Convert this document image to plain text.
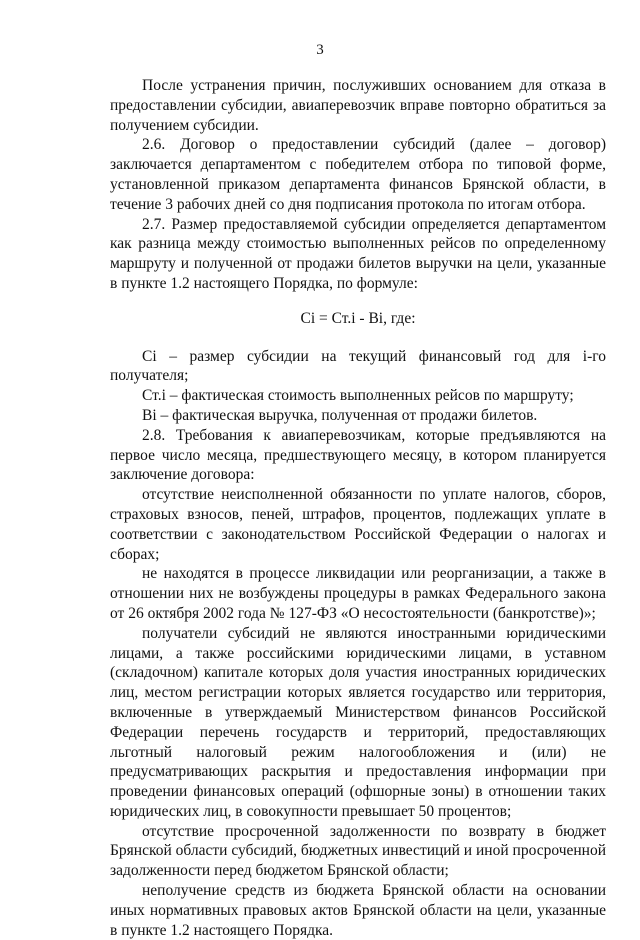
3

После устранения причин, послуживших основанием для отказа в предоставлении субсидии, авиаперевозчик вправе повторно обратиться за получением субсидии.

2.6. Договор о предоставлении субсидий (далее – договор) заключается департаментом с победителем отбора по типовой форме, установленной приказом департамента финансов Брянской области, в течение 3 рабочих дней со дня подписания протокола по итогам отбора.

2.7. Размер предоставляемой субсидии определяется департаментом как разница между стоимостью выполненных рейсов по определенному маршруту и полученной от продажи билетов выручки на цели, указанные в пункте 1.2 настоящего Порядка, по формуле:

Ci = Ст.i - Вi, где:

Ci – размер субсидии на текущий финансовый год для i-го получателя;

Ст.i – фактическая стоимость выполненных рейсов по маршруту;

Вi – фактическая выручка, полученная от продажи билетов.

2.8. Требования к авиаперевозчикам, которые предъявляются на первое число месяца, предшествующего месяцу, в котором планируется заключение договора:

отсутствие неисполненной обязанности по уплате налогов, сборов, страховых взносов, пеней, штрафов, процентов, подлежащих уплате в соответствии с законодательством Российской Федерации о налогах и сборах;

не находятся в процессе ликвидации или реорганизации, а также в отношении них не возбуждены процедуры в рамках Федерального закона от 26 октября 2002 года № 127-ФЗ «О несостоятельности (банкротстве)»;

получатели субсидий не являются иностранными юридическими лицами, а также российскими юридическими лицами, в уставном (складочном) капитале которых доля участия иностранных юридических лиц, местом регистрации которых является государство или территория, включенные в утверждаемый Министерством финансов Российской Федерации перечень государств и территорий, предоставляющих льготный налоговый режим налогообложения и (или) не предусматривающих раскрытия и предоставления информации при проведении финансовых операций (офшорные зоны) в отношении таких юридических лиц, в совокупности превышает 50 процентов;

отсутствие просроченной задолженности по возврату в бюджет Брянской области субсидий, бюджетных инвестиций и иной просроченной задолженности перед бюджетом Брянской области;

неполучение средств из бюджета Брянской области на основании иных нормативных правовых актов Брянской области на цели, указанные в пункте 1.2 настоящего Порядка.
